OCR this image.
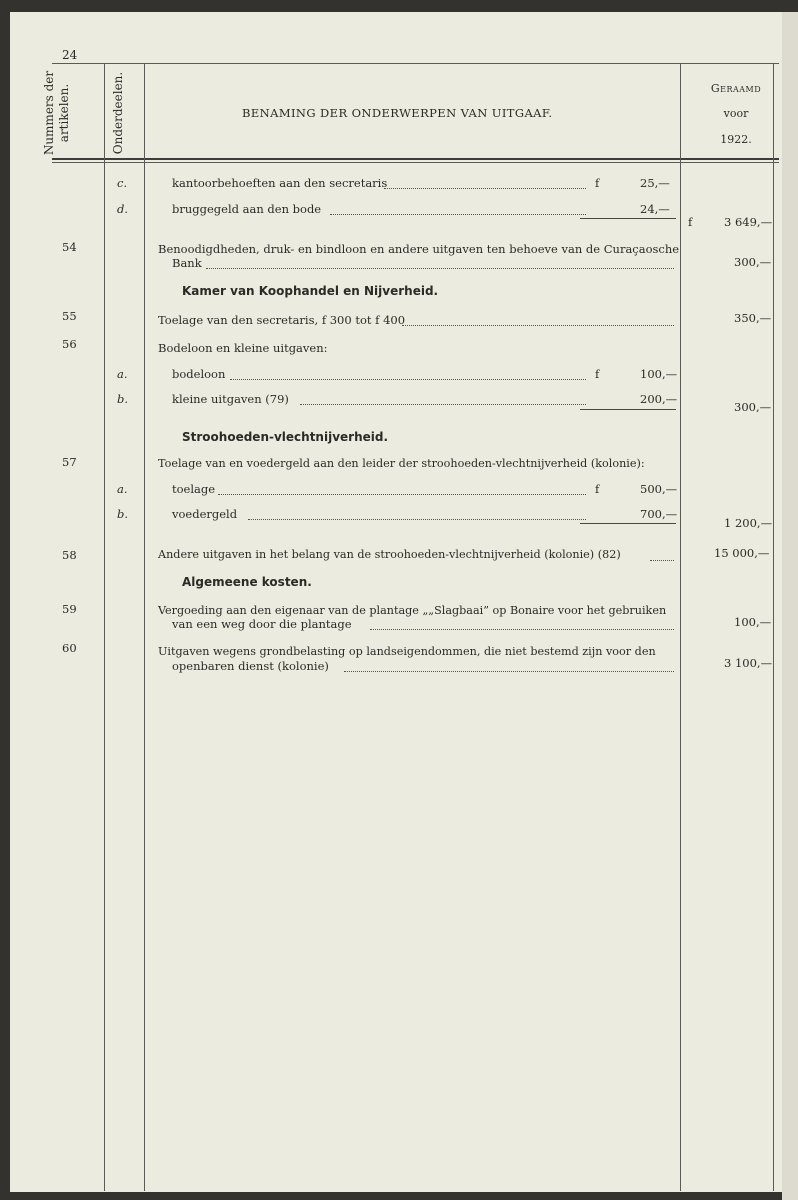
24
Nummers der artikelen.	Onderdeelen.	BENAMING DER ONDERWERPEN VAN UITGAAF.
Geraamd
voor
1922.
c.	kantoorbehoeften aan den secretaris	f	25,—
d.	bruggegeld aan den bode	24,—
f	3 649,—
54	Benoodigdheden, druk- en bindloon en andere uitgaven ten behoeve van de Curaçaosche
Bank	300,—
Kamer van Koophandel en Nijverheid.
55	Toelage van den secretaris, f 300 tot f 400	350,—
56	Bodeloon en kleine uitgaven:
a.	bodeloon	f	100,—
b.	kleine uitgaven (79)	200,—
300,—
Stroohoeden-vlechtnijverheid.
57	Toelage van en voedergeld aan den leider der stroohoeden-vlechtnijverheid (kolonie):
a.	toelage	f	500,—
b.	voedergeld	700,—
1 200,—
58	Andere uitgaven in het belang van de stroohoeden-vlechtnijverheid (kolonie) (82)	15 000,—
Algemeene kosten.
59	Vergoeding aan den eigenaar van de plantage „„Slagbaai” op Bonaire voor het gebruiken
van een weg door die plantage	100,—
60	Uitgaven wegens grondbelasting op landseigendommen, die niet bestemd zijn voor den
openbaren dienst (kolonie)	3 100,—
